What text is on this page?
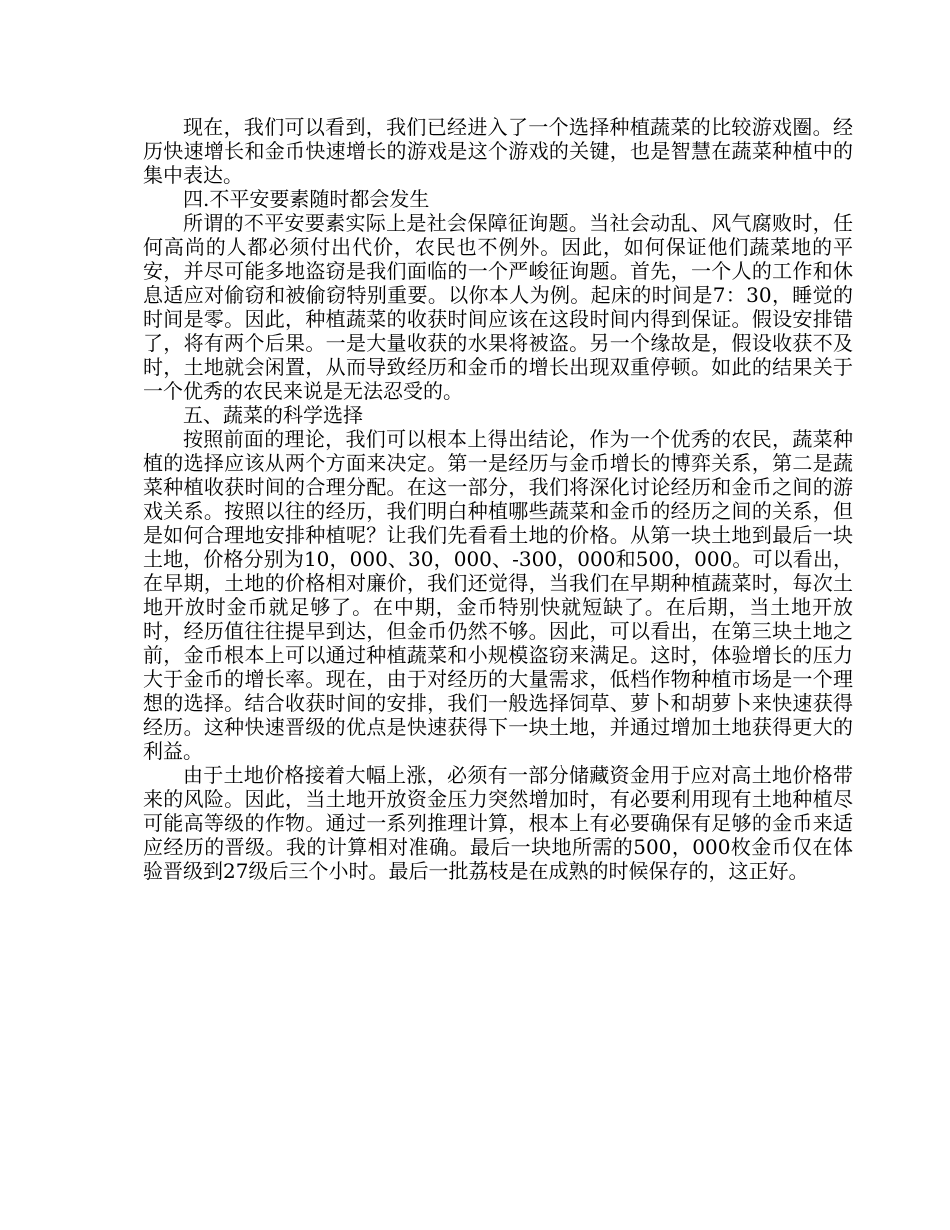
现在，我们可以看到，我们已经进入了一个选择种植蔬菜的比较游戏圈。经历快速增长和金币快速增长的游戏是这个游戏的关键，也是智慧在蔬菜种植中的集中表达。

四.不平安要素随时都会发生

所谓的不平安要素实际上是社会保障征询题。当社会动乱、风气腐败时，任何高尚的人都必须付出代价，农民也不例外。因此，如何保证他们蔬菜地的平安，并尽可能多地盗窃是我们面临的一个严峻征询题。首先，一个人的工作和休息适应对偷窃和被偷窃特别重要。以你本人为例。起床的时间是7：30，睡觉的时间是零。因此，种植蔬菜的收获时间应该在这段时间内得到保证。假设安排错了，将有两个后果。一是大量收获的水果将被盗。另一个缘故是，假设收获不及时，土地就会闲置，从而导致经历和金币的增长出现双重停顿。如此的结果关于一个优秀的农民来说是无法忍受的。

五、蔬菜的科学选择

按照前面的理论，我们可以根本上得出结论，作为一个优秀的农民，蔬菜种植的选择应该从两个方面来决定。第一是经历与金币增长的博弈关系，第二是蔬菜种植收获时间的合理分配。在这一部分，我们将深化讨论经历和金币之间的游戏关系。按照以往的经历，我们明白种植哪些蔬菜和金币的经历之间的关系，但是如何合理地安排种植呢？让我们先看看土地的价格。从第一块土地到最后一块土地，价格分别为10，000、30，000、-300，000和500，000。可以看出，在早期，土地的价格相对廉价，我们还觉得，当我们在早期种植蔬菜时，每次土地开放时金币就足够了。在中期，金币特别快就短缺了。在后期，当土地开放时，经历值往往提早到达，但金币仍然不够。因此，可以看出，在第三块土地之前，金币根本上可以通过种植蔬菜和小规模盗窃来满足。这时，体验增长的压力大于金币的增长率。现在，由于对经历的大量需求，低档作物种植市场是一个理想的选择。结合收获时间的安排，我们一般选择饲草、萝卜和胡萝卜来快速获得经历。这种快速晋级的优点是快速获得下一块土地，并通过增加土地获得更大的利益。

由于土地价格接着大幅上涨，必须有一部分储藏资金用于应对高土地价格带来的风险。因此，当土地开放资金压力突然增加时，有必要利用现有土地种植尽可能高等级的作物。通过一系列推理计算，根本上有必要确保有足够的金币来适应经历的晋级。我的计算相对准确。最后一块地所需的500，000枚金币仅在体验晋级到27级后三个小时。最后一批荔枝是在成熟的时候保存的，这正好。
